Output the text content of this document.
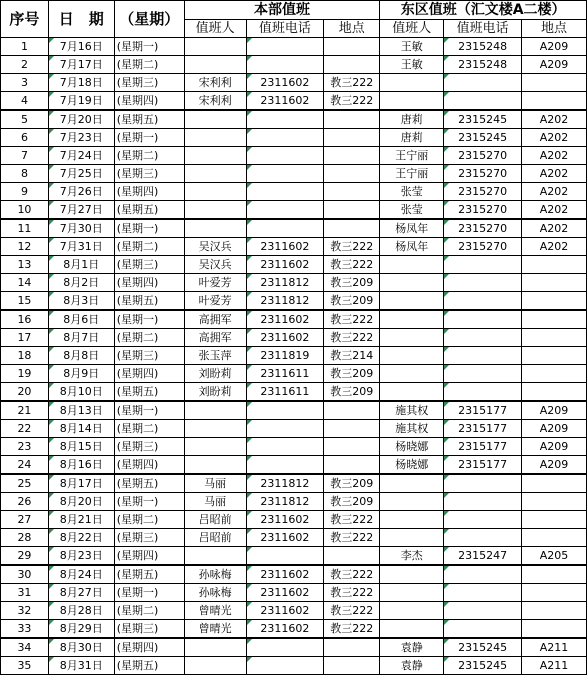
序号	日　期	（星期）	本部值班			东区值班（汇文楼A二楼）		
			值班人	值班电话	地点	值班人	值班电话	地点
1	7月16日	(星期一)				王敏	2315248	A209
2	7月17日	(星期二)				王敏	2315248	A209
3	7月18日	(星期三)	宋利利	2311602	教三222			
4	7月19日	(星期四)	宋利利	2311602	教三222			
5	7月20日	(星期五)				唐莉	2315245	A202
6	7月23日	(星期一)				唐莉	2315245	A202
7	7月24日	(星期二)				王宁丽	2315270	A202
8	7月25日	(星期三)				王宁丽	2315270	A202
9	7月26日	(星期四)				张莹	2315270	A202
10	7月27日	(星期五)				张莹	2315270	A202
11	7月30日	(星期一)				杨凤年	2315270	A202
12	7月31日	(星期二)	吴汉兵	2311602	教三222	杨凤年	2315270	A202
13	8月1日	(星期三)	吴汉兵	2311602	教三222			
14	8月2日	(星期四)	叶爱芳	2311812	教三209			
15	8月3日	(星期五)	叶爱芳	2311812	教三209			
16	8月6日	(星期一)	高拥军	2311602	教三222			
17	8月7日	(星期二)	高拥军	2311602	教三222			
18	8月8日	(星期三)	张玉萍	2311819	教三214			
19	8月9日	(星期四)	刘盼莉	2311611	教三209			
20	8月10日	(星期五)	刘盼莉	2311611	教三209			
21	8月13日	(星期一)				施其权	2315177	A209
22	8月14日	(星期二)				施其权	2315177	A209
23	8月15日	(星期三)				杨晓娜	2315177	A209
24	8月16日	(星期四)				杨晓娜	2315177	A209
25	8月17日	(星期五)	马丽	2311812	教三209			
26	8月20日	(星期一)	马丽	2311812	教三209			
27	8月21日	(星期二)	吕昭前	2311602	教三222			
28	8月22日	(星期三)	吕昭前	2311602	教三222			
29	8月23日	(星期四)				李杰	2315247	A205
30	8月24日	(星期五)	孙咏梅	2311602	教三222			
31	8月27日	(星期一)	孙咏梅	2311602	教三222			
32	8月28日	(星期二)	曾晴光	2311602	教三222			
33	8月29日	(星期三)	曾晴光	2311602	教三222			
34	8月30日	(星期四)				袁静	2315245	A211
35	8月31日	(星期五)				袁静	2315245	A211
